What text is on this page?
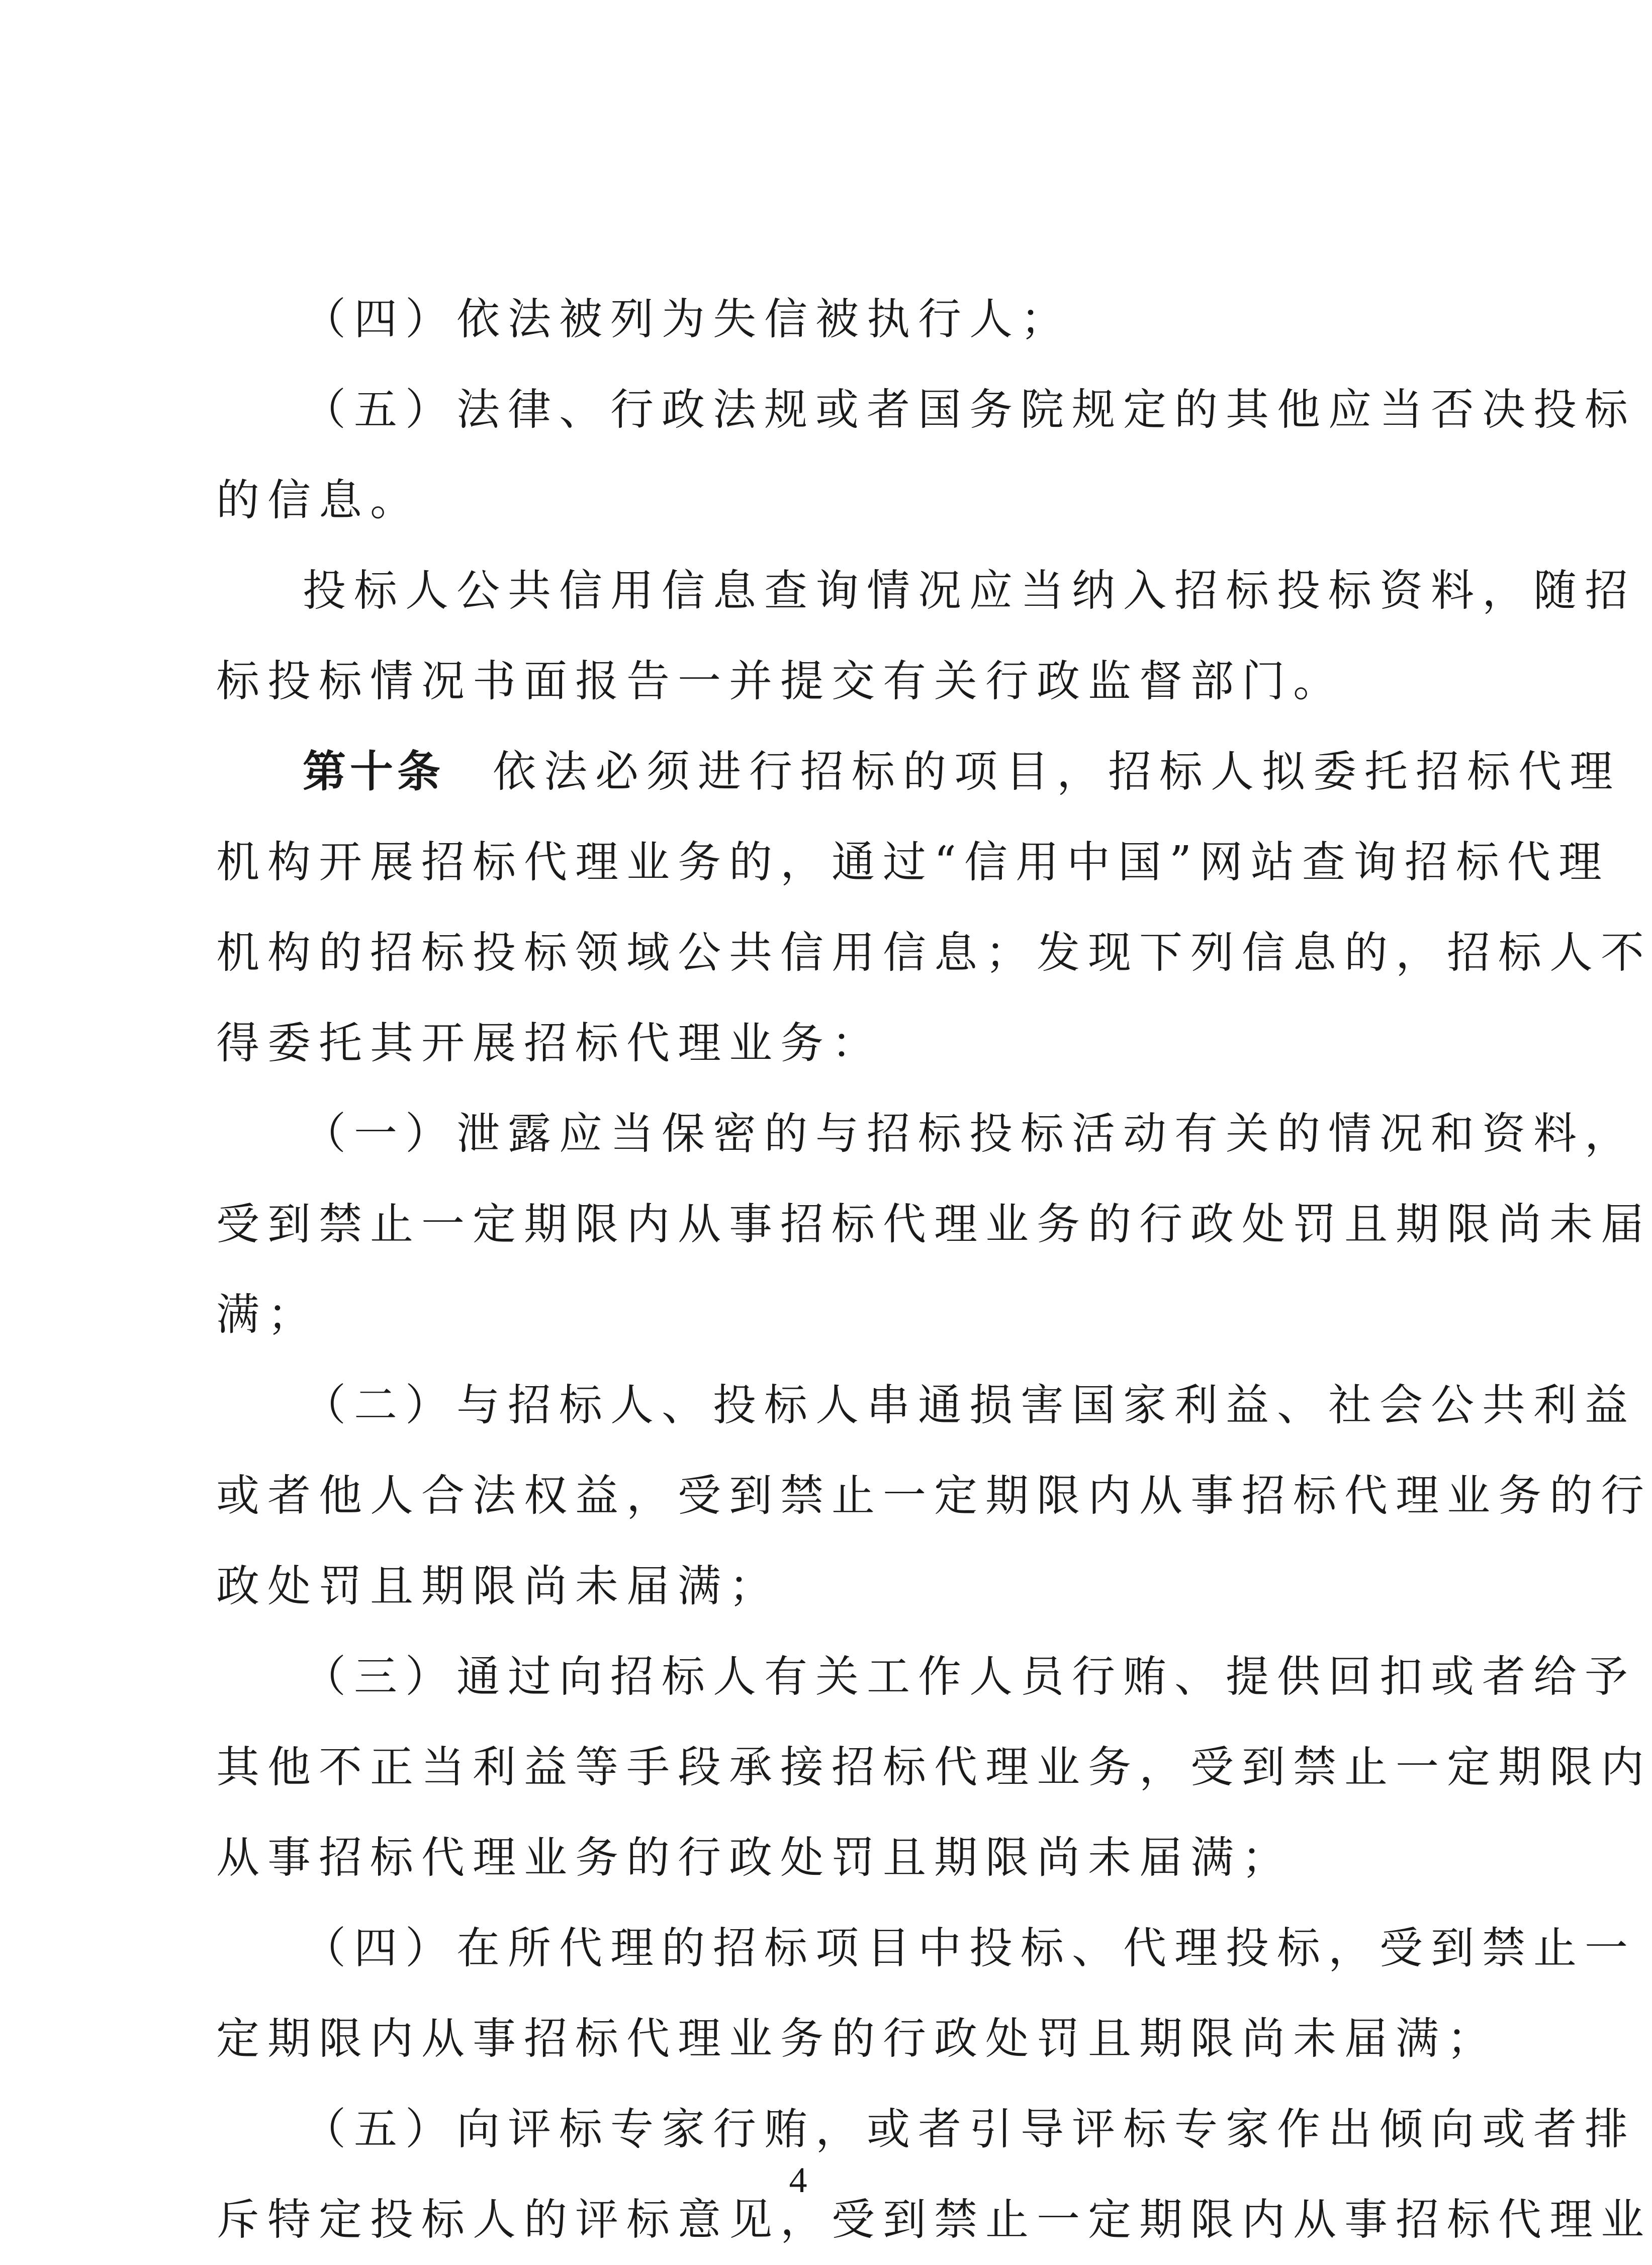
（四）依法被列为失信被执行人；
（五）法律、行政法规或者国务院规定的其他应当否决投标
的信息。
投标人公共信用信息查询情况应当纳入招标投标资料，随招
标投标情况书面报告一并提交有关行政监督部门。
第十条 依法必须进行招标的项目，招标人拟委托招标代理
机构开展招标代理业务的，通过“信用中国”网站查询招标代理
机构的招标投标领域公共信用信息；发现下列信息的，招标人不
得委托其开展招标代理业务：
（一）泄露应当保密的与招标投标活动有关的情况和资料，
受到禁止一定期限内从事招标代理业务的行政处罚且期限尚未届
满；
（二）与招标人、投标人串通损害国家利益、社会公共利益
或者他人合法权益，受到禁止一定期限内从事招标代理业务的行
政处罚且期限尚未届满；
（三）通过向招标人有关工作人员行贿、提供回扣或者给予
其他不正当利益等手段承接招标代理业务，受到禁止一定期限内
从事招标代理业务的行政处罚且期限尚未届满；
（四）在所代理的招标项目中投标、代理投标，受到禁止一
定期限内从事招标代理业务的行政处罚且期限尚未届满；
（五）向评标专家行贿，或者引导评标专家作出倾向或者排
斥特定投标人的评标意见，受到禁止一定期限内从事招标代理业
4
